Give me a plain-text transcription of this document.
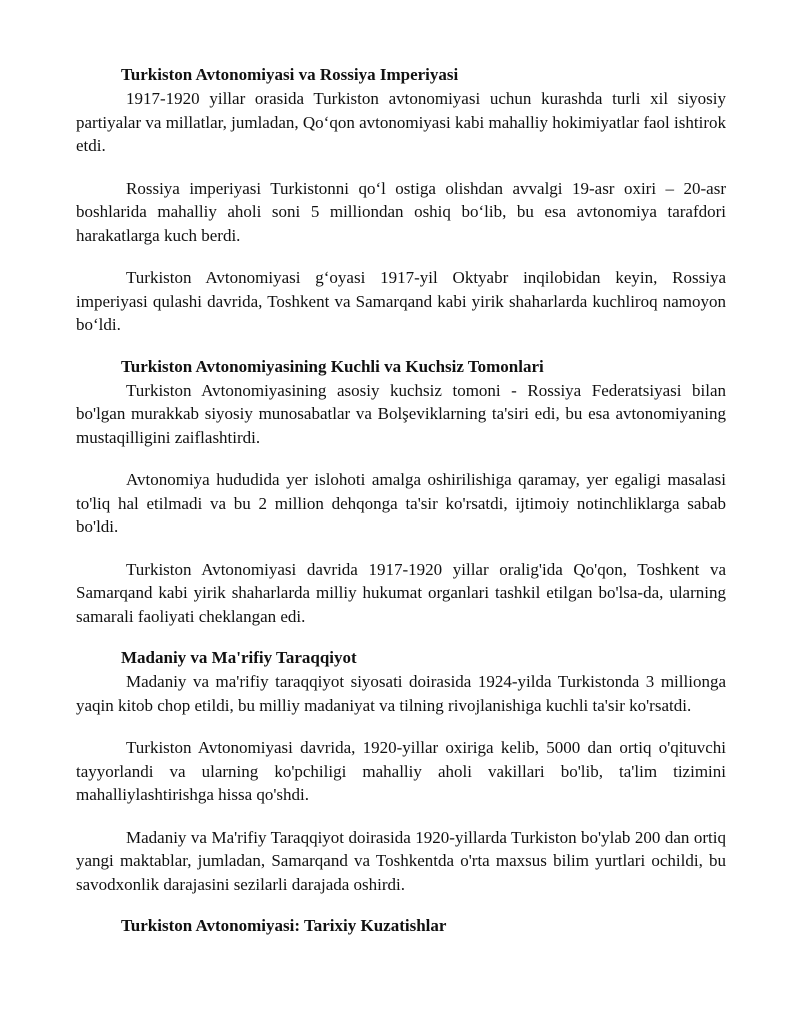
Turkiston Avtonomiyasi va Rossiya Imperiyasi

1917-1920 yillar orasida Turkiston avtonomiyasi uchun kurashda turli xil siyosiy partiyalar va millatlar, jumladan, Qo‘qon avtonomiyasi kabi mahalliy hokimiyatlar faol ishtirok etdi.

Rossiya imperiyasi Turkistonni qo‘l ostiga olishdan avvalgi 19-asr oxiri – 20-asr boshlarida mahalliy aholi soni 5 milliondan oshiq bo‘lib, bu esa avtonomiya tarafdori harakatlarga kuch berdi.

Turkiston Avtonomiyasi g‘oyasi 1917-yil Oktyabr inqilobidan keyin, Rossiya imperiyasi qulashi davrida, Toshkent va Samarqand kabi yirik shaharlarda kuchliroq namoyon bo‘ldi.

Turkiston Avtonomiyasining Kuchli va Kuchsiz Tomonlari

Turkiston Avtonomiyasining asosiy kuchsiz tomoni - Rossiya Federatsiyasi bilan bo'lgan murakkab siyosiy munosabatlar va Bolşeviklarning ta'siri edi, bu esa avtonomiyaning mustaqilligini zaiflashtirdi.

Avtonomiya hududida yer islohoti amalga oshirilishiga qaramay, yer egaligi masalasi to'liq hal etilmadi va bu 2 million dehqonga ta'sir ko'rsatdi, ijtimoiy notinchliklarga sabab bo'ldi.

Turkiston Avtonomiyasi davrida 1917-1920 yillar oralig'ida Qo'qon, Toshkent va Samarqand kabi yirik shaharlarda milliy hukumat organlari tashkil etilgan bo'lsa-da, ularning samarali faoliyati cheklangan edi.

Madaniy va Ma'rifiy Taraqqiyot

Madaniy va ma'rifiy taraqqiyot siyosati doirasida 1924-yilda Turkistonda 3 millionga yaqin kitob chop etildi, bu milliy madaniyat va tilning rivojlanishiga kuchli ta'sir ko'rsatdi.

Turkiston Avtonomiyasi davrida, 1920-yillar oxiriga kelib, 5000 dan ortiq o'qituvchi tayyorlandi va ularning ko'pchiligi mahalliy aholi vakillari bo'lib, ta'lim tizimini mahalliylashtirishga hissa qo'shdi.

Madaniy va Ma'rifiy Taraqqiyot doirasida 1920-yillarda Turkiston bo'ylab 200 dan ortiq yangi maktablar, jumladan, Samarqand va Toshkentda o'rta maxsus bilim yurtlari ochildi, bu savodxonlik darajasini sezilarli darajada oshirdi.

Turkiston Avtonomiyasi: Tarixiy Kuzatishlar
